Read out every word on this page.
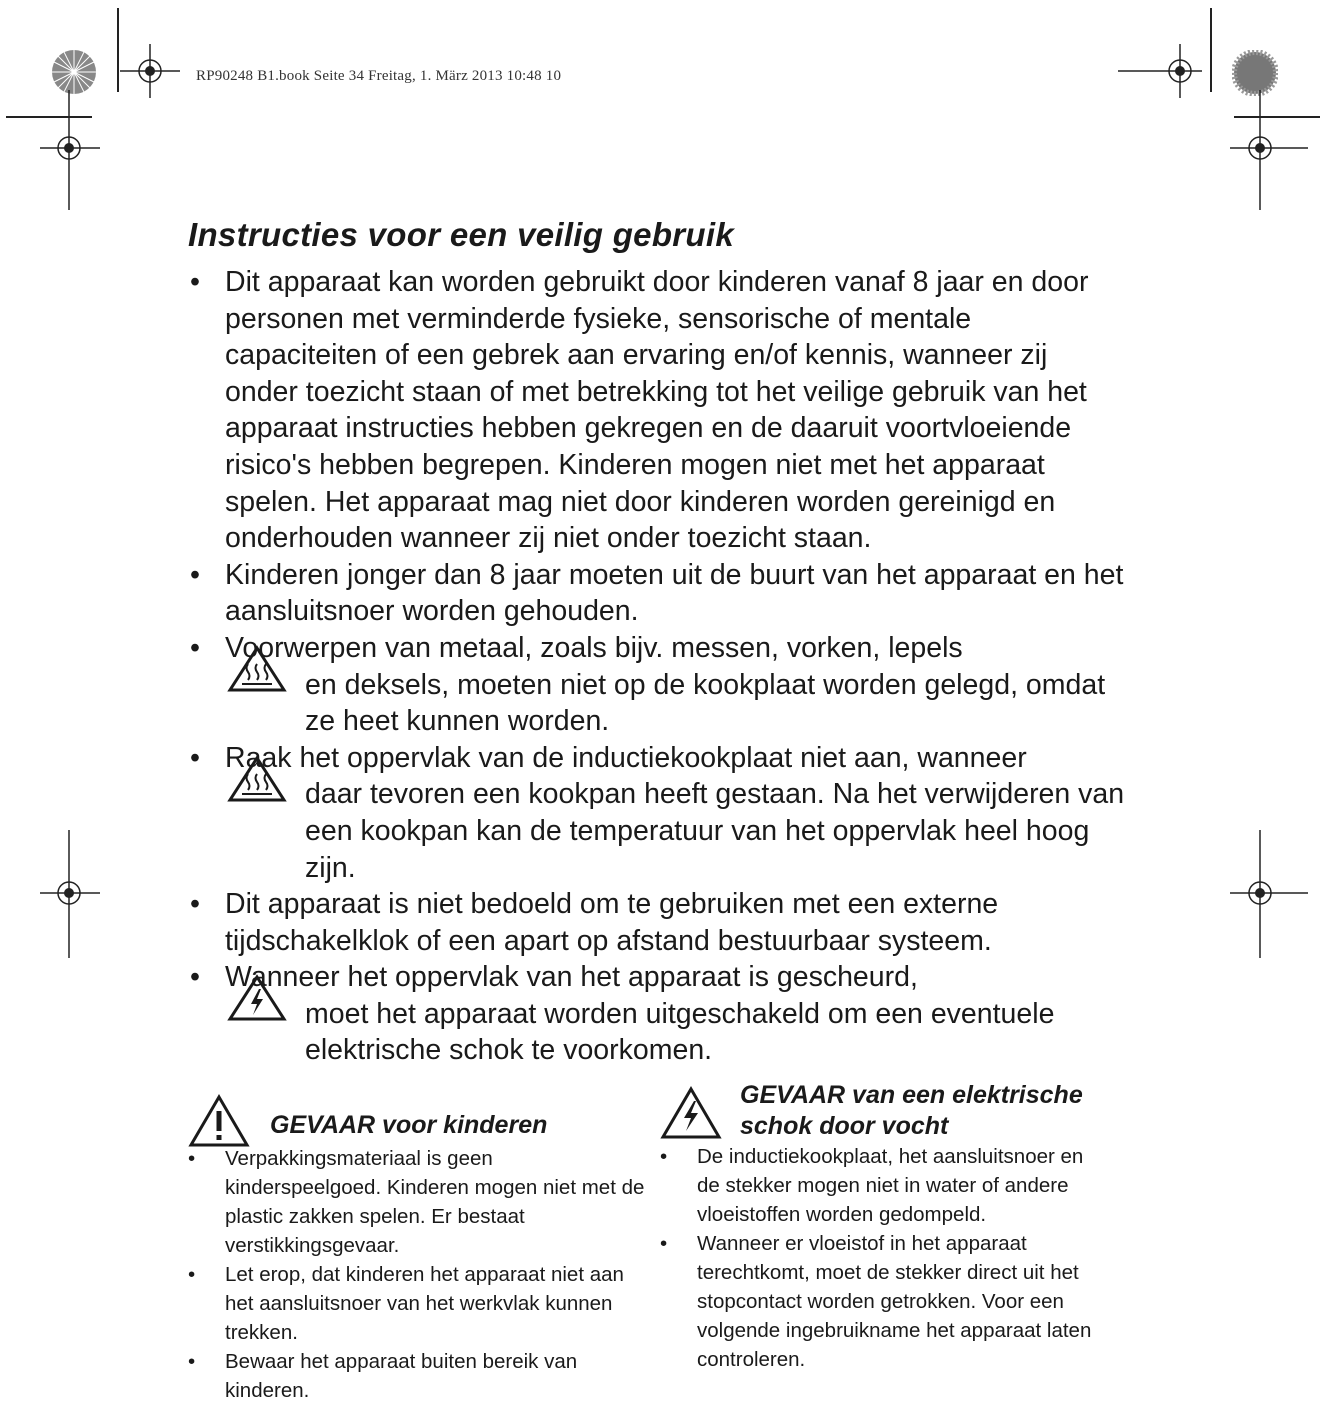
RP90248 B1.book Seite 34 Freitag, 1. März 2013 10:48 10
Instructies voor een veilig gebruik
• Dit apparaat kan worden gebruikt door kinderen vanaf 8 jaar en door personen met verminderde fysieke, sensorische of mentale capaciteiten of een gebrek aan ervaring en/of kennis, wanneer zij onder toezicht staan of met betrekking tot het veilige gebruik van het apparaat instructies hebben gekregen en de daaruit voortvloeiende risico's hebben begrepen. Kinderen mogen niet met het apparaat spelen. Het apparaat mag niet door kinderen worden gereinigd en onderhouden wanneer zij niet onder toezicht staan.
• Kinderen jonger dan 8 jaar moeten uit de buurt van het apparaat en het aansluitsnoer worden gehouden.
• Voorwerpen van metaal, zoals bijv. messen, vorken, lepels
en deksels, moeten niet op de kookplaat worden gelegd, omdat ze heet kunnen worden.
• Raak het oppervlak van de inductiekookplaat niet aan, wanneer
daar tevoren een kookpan heeft gestaan. Na het verwijderen van een kookpan kan de temperatuur van het oppervlak heel hoog zijn.
• Dit apparaat is niet bedoeld om te gebruiken met een externe tijdschakelklok of een apart op afstand bestuurbaar systeem.
• Wanneer het oppervlak van het apparaat is gescheurd,
moet het apparaat worden uitgeschakeld om een eventuele elektrische schok te voorkomen.
GEVAAR voor kinderen
• Verpakkingsmateriaal is geen kinderspeelgoed. Kinderen mogen niet met de plastic zakken spelen. Er bestaat verstikkingsgevaar.
• Let erop, dat kinderen het apparaat niet aan het aansluitsnoer van het werkvlak kunnen trekken.
• Bewaar het apparaat buiten bereik van kinderen.
GEVAAR van een elektrische schok door vocht
• De inductiekookplaat, het aansluitsnoer en de stekker mogen niet in water of andere vloeistoffen worden gedompeld.
• Wanneer er vloeistof in het apparaat terechtkomt, moet de stekker direct uit het stopcontact worden getrokken. Voor een volgende ingebruikname het apparaat laten controleren.
